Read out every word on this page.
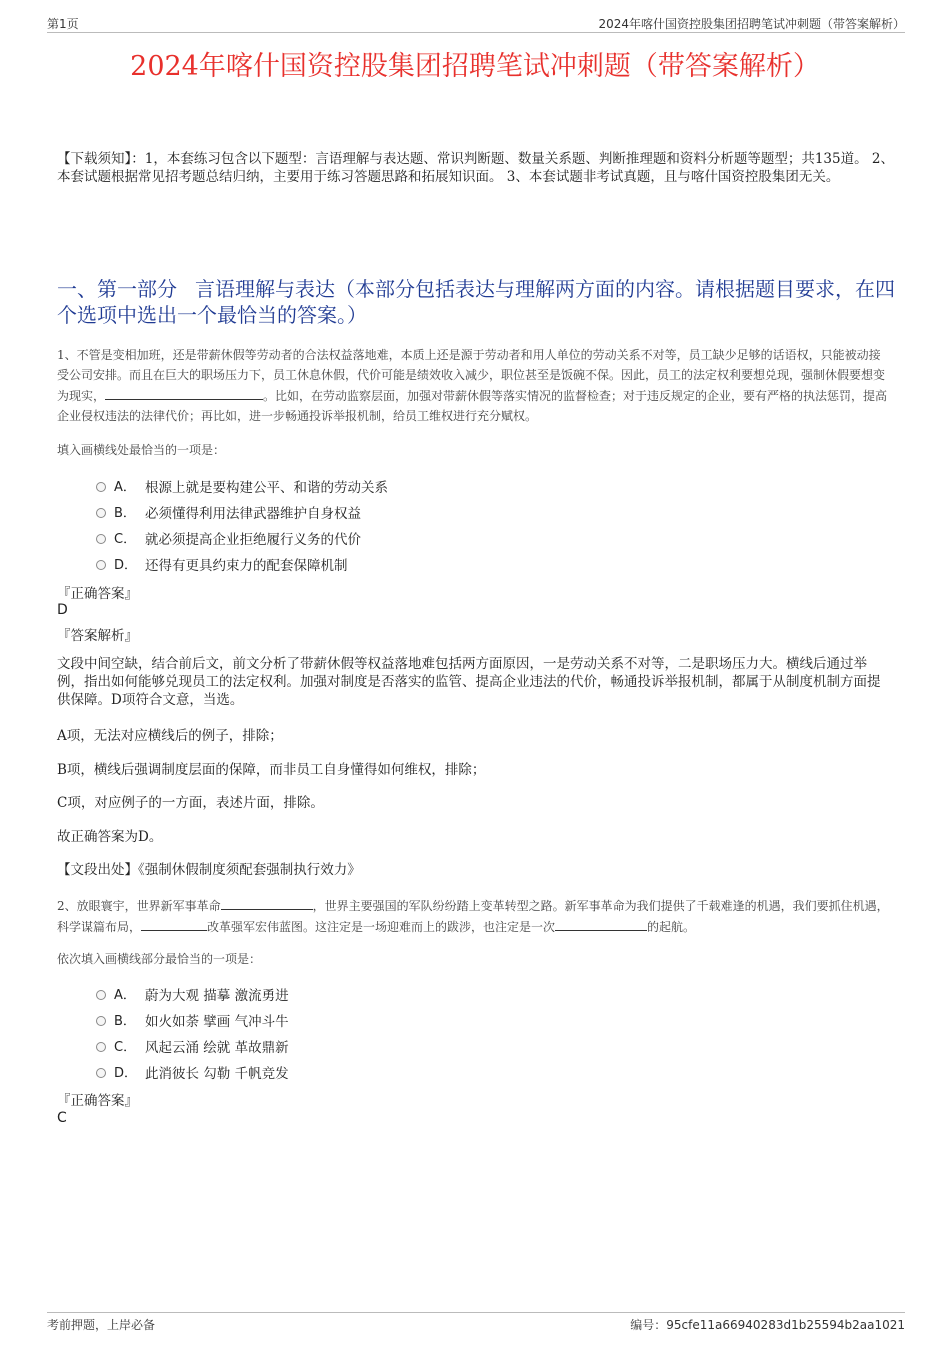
第1页	2024年喀什国资控股集团招聘笔试冲刺题（带答案解析）
2024年喀什国资控股集团招聘笔试冲刺题（带答案解析）
【下载须知】：1，本套练习包含以下题型：言语理解与表达题、常识判断题、数量关系题、判断推理题和资料分析题等题型；共135道。 2、本套试题根据常见招考题总结归纳，主要用于练习答题思路和拓展知识面。 3、本套试题非考试真题，且与喀什国资控股集团无关。
一、第一部分 言语理解与表达（本部分包括表达与理解两方面的内容。请根据题目要求，在四个选项中选出一个最恰当的答案。）
1、不管是变相加班，还是带薪休假等劳动者的合法权益落地难，本质上还是源于劳动者和用人单位的劳动关系不对等，员工缺少足够的话语权，只能被动接受公司安排。而且在巨大的职场压力下，员工休息休假，代价可能是绩效收入减少，职位甚至是饭碗不保。因此，员工的法定权利要想兑现，强制休假要想变为现实，	。比如，在劳动监察层面，加强对带薪休假等落实情况的监督检查；对于违反规定的企业，要有严格的执法惩罚，提高企业侵权违法的法律代价；再比如，进一步畅通投诉举报机制，给员工维权进行充分赋权。
填入画横线处最恰当的一项是：
A． 根源上就是要构建公平、和谐的劳动关系
B． 必须懂得利用法律武器维护自身权益
C． 就必须提高企业拒绝履行义务的代价
D． 还得有更具约束力的配套保障机制
『正确答案』
D
『答案解析』
文段中间空缺，结合前后文，前文分析了带薪休假等权益落地难包括两方面原因，一是劳动关系不对等，二是职场压力大。横线后通过举例，指出如何能够兑现员工的法定权利。加强对制度是否落实的监管、提高企业违法的代价，畅通投诉举报机制，都属于从制度机制方面提供保障。D项符合文意，当选。
A项，无法对应横线后的例子，排除；
B项，横线后强调制度层面的保障，而非员工自身懂得如何维权，排除；
C项，对应例子的一方面，表述片面，排除。
故正确答案为D。
【文段出处】《强制休假制度须配套强制执行效力》
2、放眼寰宇，世界新军事革命	，世界主要强国的军队纷纷踏上变革转型之路。新军事革命为我们提供了千载难逢的机遇，我们要抓住机遇，科学谋篇布局，	改革强军宏伟蓝图。这注定是一场迎难而上的跋涉，也注定是一次	的起航。
依次填入画横线部分最恰当的一项是：
A． 蔚为大观 描摹 激流勇进
B． 如火如荼 擘画 气冲斗牛
C． 风起云涌 绘就 革故鼎新
D． 此消彼长 勾勒 千帆竞发
『正确答案』
C
考前押题，上岸必备	编号：95cfe11a66940283d1b25594b2aa1021
